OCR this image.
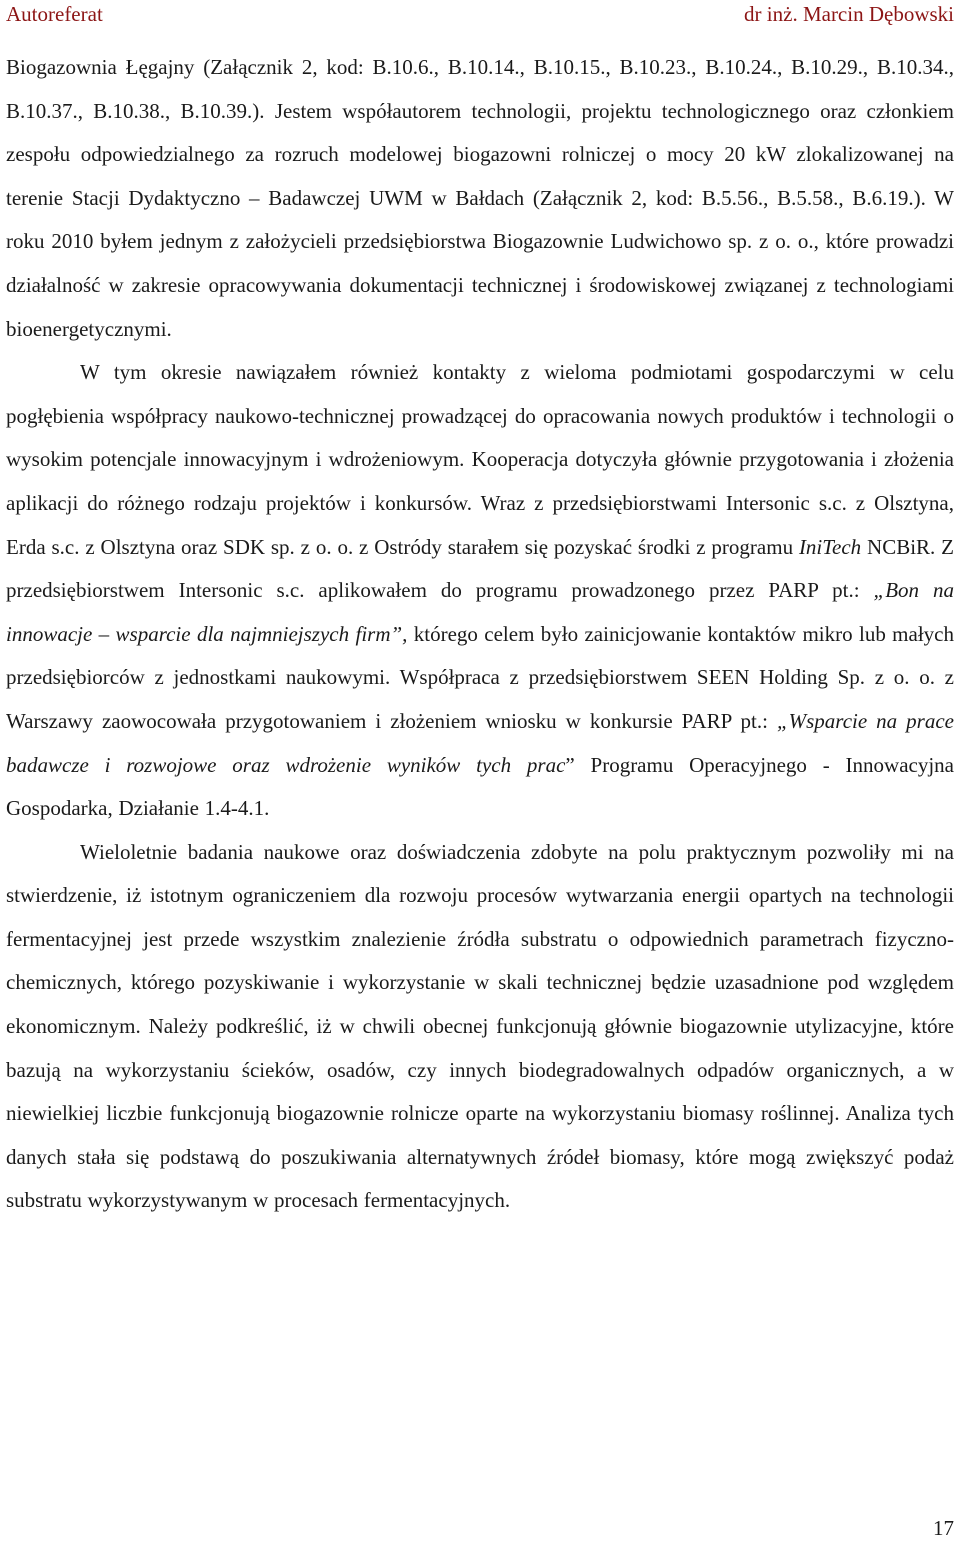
Autoreferat	dr inż. Marcin Dębowski

Biogazownia Łęgajny (Załącznik 2, kod: B.10.6., B.10.14., B.10.15., B.10.23., B.10.24., B.10.29., B.10.34., B.10.37., B.10.38., B.10.39.). Jestem współautorem technologii, projektu technologicznego oraz członkiem zespołu odpowiedzialnego za rozruch modelowej biogazowni rolniczej o mocy 20 kW zlokalizowanej na terenie Stacji Dydaktyczno – Badawczej UWM w Bałdach (Załącznik 2, kod: B.5.56., B.5.58., B.6.19.). W roku 2010 byłem jednym z założycieli przedsiębiorstwa Biogazownie Ludwichowo sp. z o. o., które prowadzi działalność w zakresie opracowywania dokumentacji technicznej i środowiskowej związanej z technologiami bioenergetycznymi.

W tym okresie nawiązałem również kontakty z wieloma podmiotami gospodarczymi w celu pogłębienia współpracy naukowo-technicznej prowadzącej do opracowania nowych produktów i technologii o wysokim potencjale innowacyjnym i wdrożeniowym. Kooperacja dotyczyła głównie przygotowania i złożenia aplikacji do różnego rodzaju projektów i konkursów. Wraz z przedsiębiorstwami Intersonic s.c. z Olsztyna, Erda s.c. z Olsztyna oraz SDK sp. z o. o. z Ostródy starałem się pozyskać środki z programu IniTech NCBiR. Z przedsiębiorstwem Intersonic s.c. aplikowałem do programu prowadzonego przez PARP pt.: „Bon na innowacje – wsparcie dla najmniejszych firm”, którego celem było zainicjowanie kontaktów mikro lub małych przedsiębiorców z jednostkami naukowymi. Współpraca z przedsiębiorstwem SEEN Holding Sp. z o. o. z Warszawy zaowocowała przygotowaniem i złożeniem wniosku w konkursie PARP pt.: „Wsparcie na prace badawcze i rozwojowe oraz wdrożenie wyników tych prac” Programu Operacyjnego - Innowacyjna Gospodarka, Działanie 1.4-4.1.

Wieloletnie badania naukowe oraz doświadczenia zdobyte na polu praktycznym pozwoliły mi na stwierdzenie, iż istotnym ograniczeniem dla rozwoju procesów wytwarzania energii opartych na technologii fermentacyjnej jest przede wszystkim znalezienie źródła substratu o odpowiednich parametrach fizyczno-chemicznych, którego pozyskiwanie i wykorzystanie w skali technicznej będzie uzasadnione pod względem ekonomicznym. Należy podkreślić, iż w chwili obecnej funkcjonują głównie biogazownie utylizacyjne, które bazują na wykorzystaniu ścieków, osadów, czy innych biodegradowalnych odpadów organicznych, a w niewielkiej liczbie funkcjonują biogazownie rolnicze oparte na wykorzystaniu biomasy roślinnej. Analiza tych danych stała się podstawą do poszukiwania alternatywnych źródeł biomasy, które mogą zwiększyć podaż substratu wykorzystywanym w procesach fermentacyjnych.

17
